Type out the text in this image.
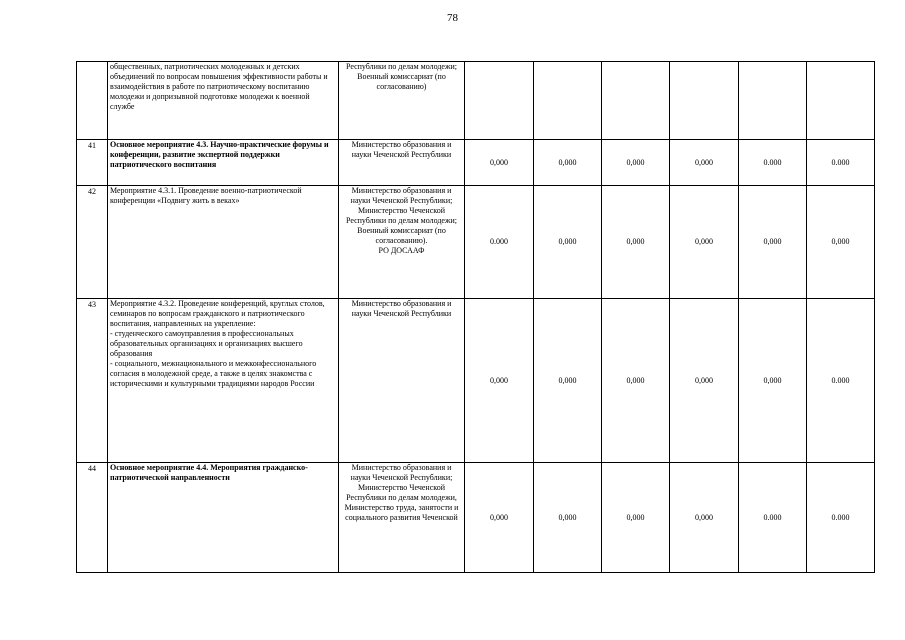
78
	общественных, патриотических молодежных и детских объединений по вопросам повышения эффективности работы и взаимодействия в работе по патриотическому воспитанию молодежи и допризывной подготовке молодежи к военной службе	Республики по делам молодежи;
Военный комиссариат (по согласованию)						
41	Основное мероприятие 4.3. Научно-практические форумы и конференции, развитие экспертной поддержки патриотического воспитания	Министерство образования и науки Чеченской Республики	0,000	0,000	0,000	0,000	0.000	0.000
42	Мероприятие 4.3.1. Проведение военно-патриотической конференции «Подвигу жить в веках»	Министерство образования и науки Чеченской Республики;
Министерство Чеченской Республики по делам молодежи;
Военный комиссариат (по согласованию).
РО ДОСААФ	0.000	0,000	0,000	0,000	0,000	0,000
43	Мероприятие 4.3.2. Проведение конференций, круглых столов, семинаров по вопросам гражданского и патриотического воспитания, направленных на укрепление:
- студенческого самоуправления в профессиональных образовательных организациях и организациях высшего образования
- социального, межнационального и межконфессионального согласия в молодежной среде, а также в целях знакомства с историческими и культурными традициями народов России	Министерство образования и науки Чеченской Республики	0,000	0,000	0,000	0,000	0,000	0.000
44	Основное мероприятие 4.4. Мероприятия гражданско-патриотической направленности	Министерство образования и науки Чеченской Республики;
Министерство Чеченской Республики по делам молодежи,
Министерство труда, занятости и социального развития Чеченской	0,000	0,000	0,000	0,000	0.000	0.000
